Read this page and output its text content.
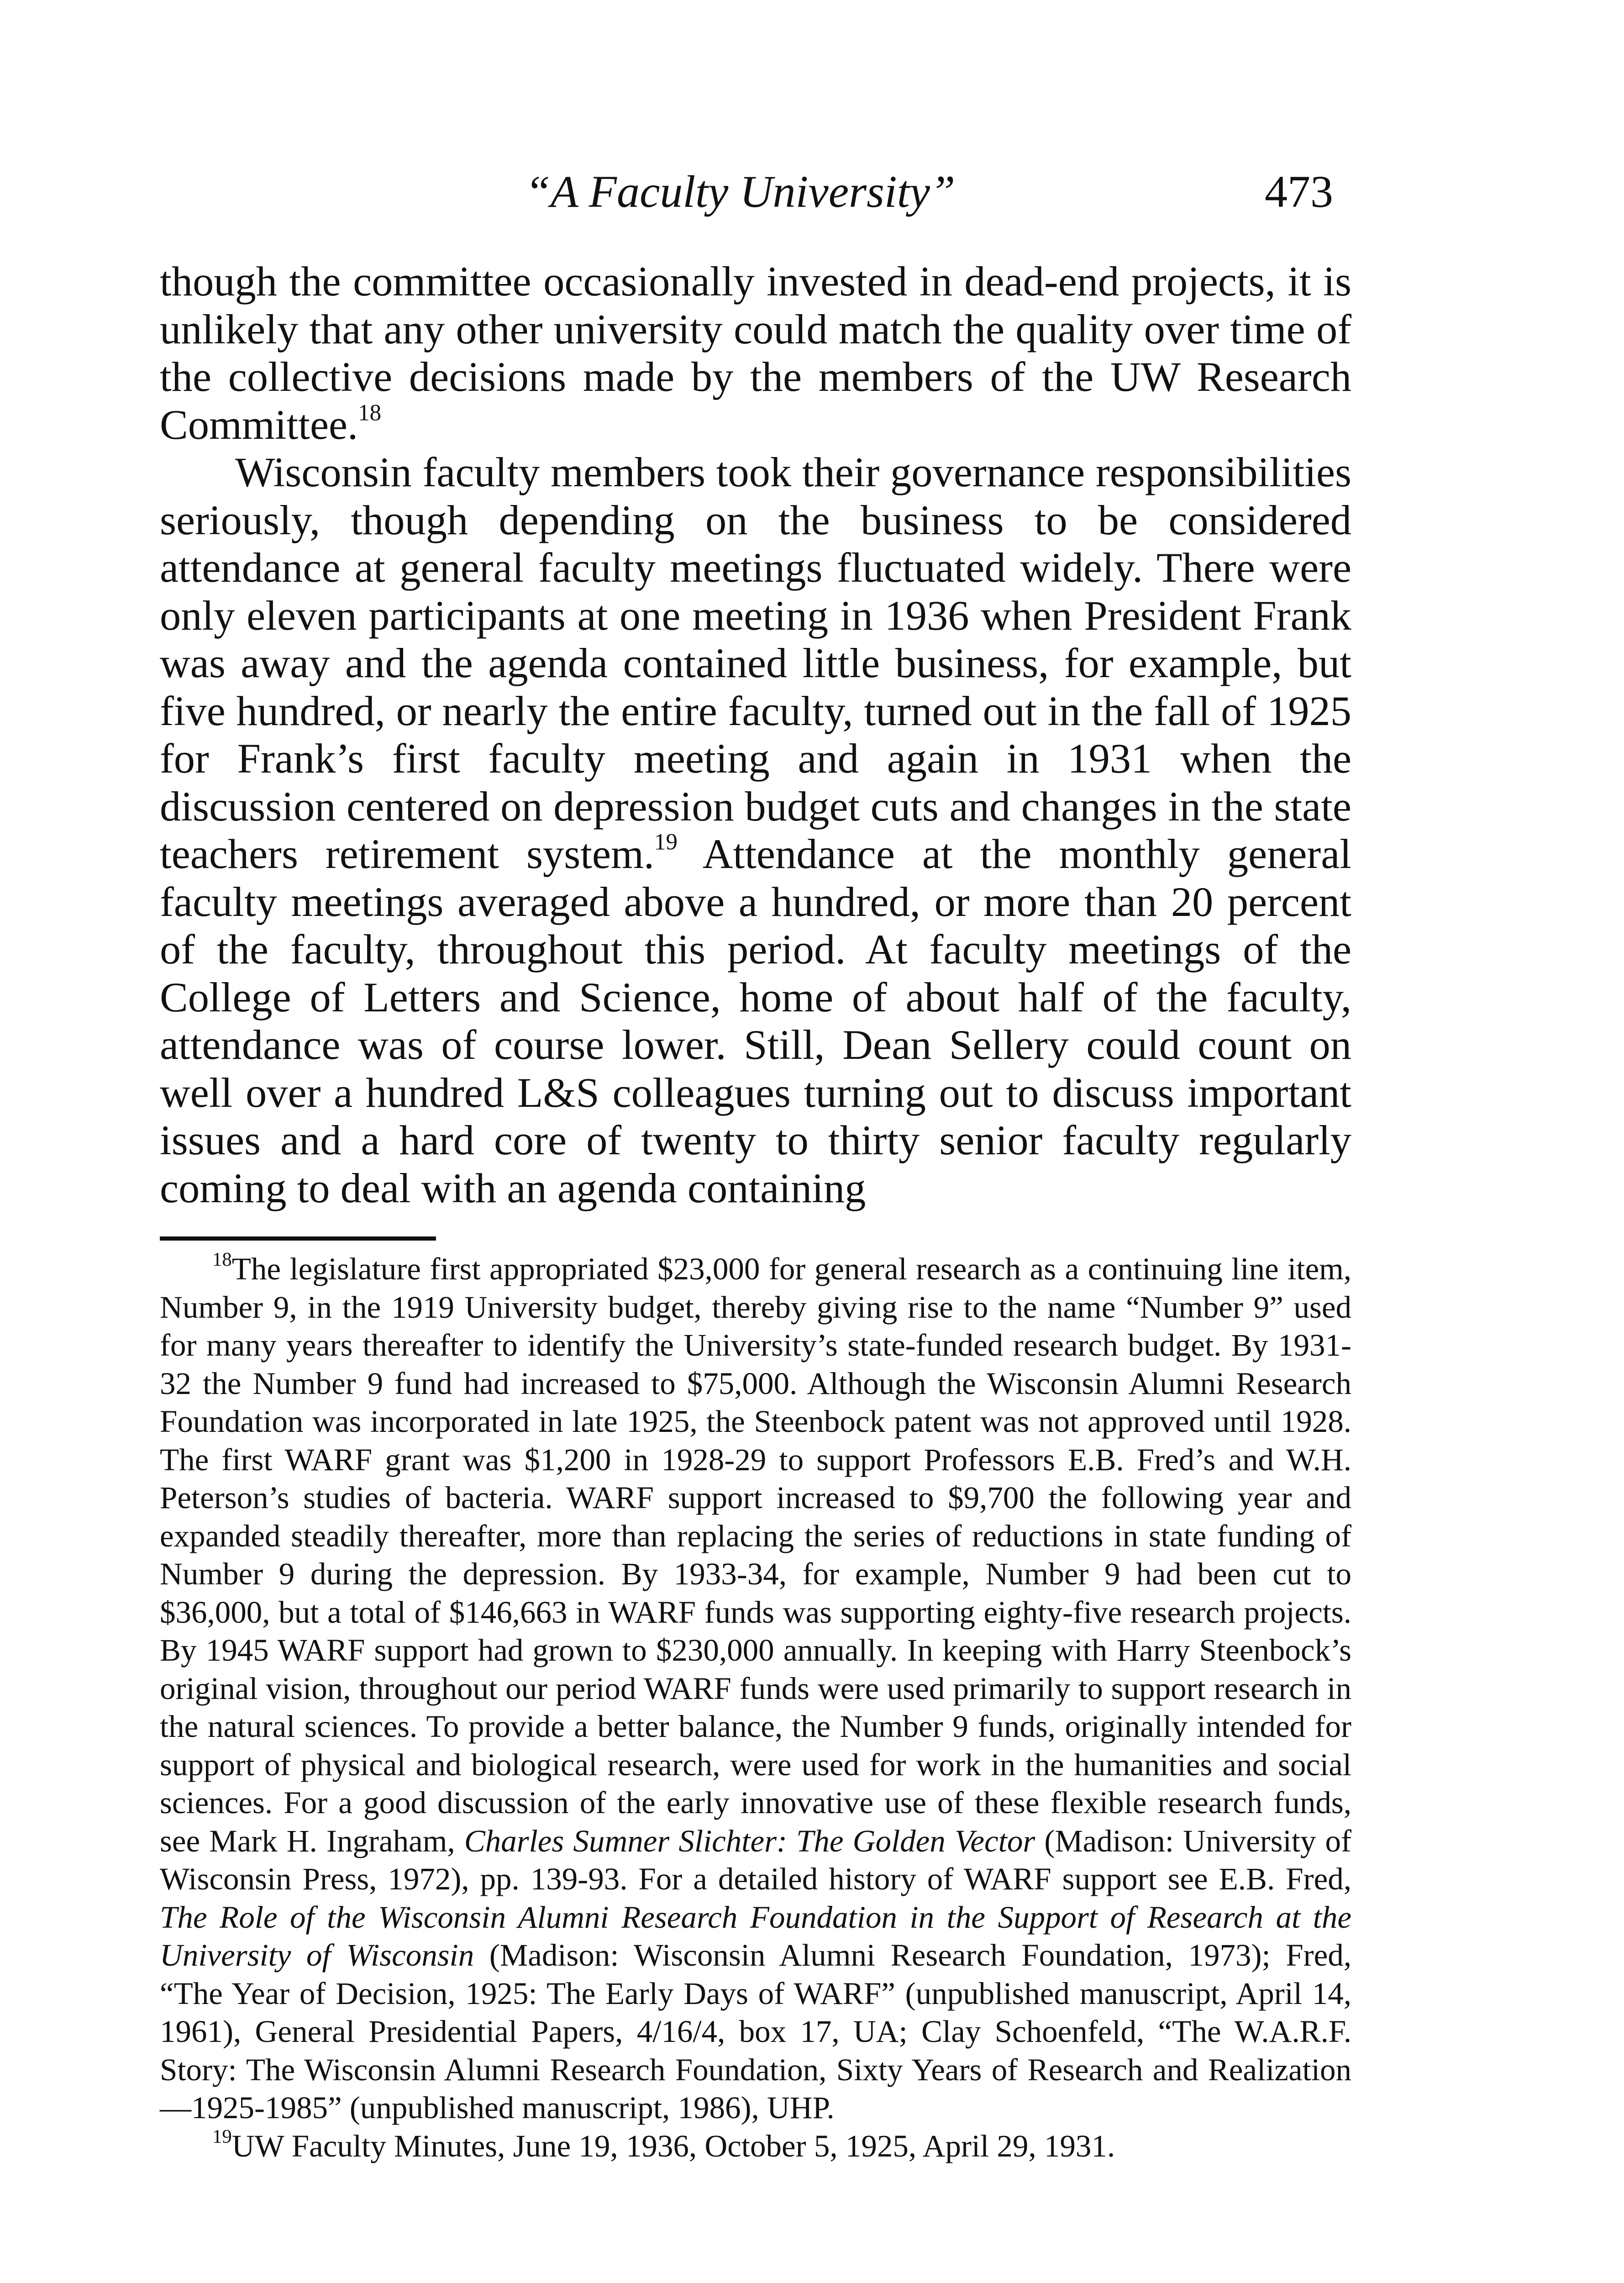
“A Faculty University”	473

though the committee occasionally invested in dead-end projects, it is unlikely that any other university could match the quality over time of the collective decisions made by the members of the UW Research Committee.$^{18}$

Wisconsin faculty members took their governance responsibilities seriously, though depending on the business to be considered attendance at general faculty meetings fluctuated widely. There were only eleven participants at one meeting in 1936 when President Frank was away and the agenda contained little business, for example, but five hundred, or nearly the entire faculty, turned out in the fall of 1925 for Frank’s first faculty meeting and again in 1931 when the discussion centered on depression budget cuts and changes in the state teachers retirement system.$^{19}$ Attendance at the monthly general faculty meetings averaged above a hundred, or more than 20 percent of the faculty, throughout this period. At faculty meetings of the College of Letters and Science, home of about half of the faculty, attendance was of course lower. Still, Dean Sellery could count on well over a hundred L&S colleagues turning out to discuss important issues and a hard core of twenty to thirty senior faculty regularly coming to deal with an agenda containing

$^{18}$The legislature first appropriated $23,000 for general research as a continuing line item, Number 9, in the 1919 University budget, thereby giving rise to the name “Number 9” used for many years thereafter to identify the University’s state-funded research budget. By 1931-32 the Number 9 fund had increased to $75,000. Although the Wisconsin Alumni Research Foundation was incorporated in late 1925, the Steenbock patent was not approved until 1928. The first WARF grant was $1,200 in 1928-29 to support Professors E.B. Fred’s and W.H. Peterson’s studies of bacteria. WARF support increased to $9,700 the following year and expanded steadily thereafter, more than replacing the series of reductions in state funding of Number 9 during the depression. By 1933-34, for example, Number 9 had been cut to $36,000, but a total of $146,663 in WARF funds was supporting eighty-five research projects. By 1945 WARF support had grown to $230,000 annually. In keeping with Harry Steenbock’s original vision, throughout our period WARF funds were used primarily to support research in the natural sciences. To provide a better balance, the Number 9 funds, originally intended for support of physical and biological research, were used for work in the humanities and social sciences. For a good discussion of the early innovative use of these flexible research funds, see Mark H. Ingraham, Charles Sumner Slichter: The Golden Vector (Madison: University of Wisconsin Press, 1972), pp. 139-93. For a detailed history of WARF support see E.B. Fred, The Role of the Wisconsin Alumni Research Foundation in the Support of Research at the University of Wisconsin (Madison: Wisconsin Alumni Research Foundation, 1973); Fred, “The Year of Decision, 1925: The Early Days of WARF” (unpublished manuscript, April 14, 1961), General Presidential Papers, 4/16/4, box 17, UA; Clay Schoenfeld, “The W.A.R.F. Story: The Wisconsin Alumni Research Foundation, Sixty Years of Research and Realization—1925-1985” (unpublished manuscript, 1986), UHP.

$^{19}$UW Faculty Minutes, June 19, 1936, October 5, 1925, April 29, 1931.
